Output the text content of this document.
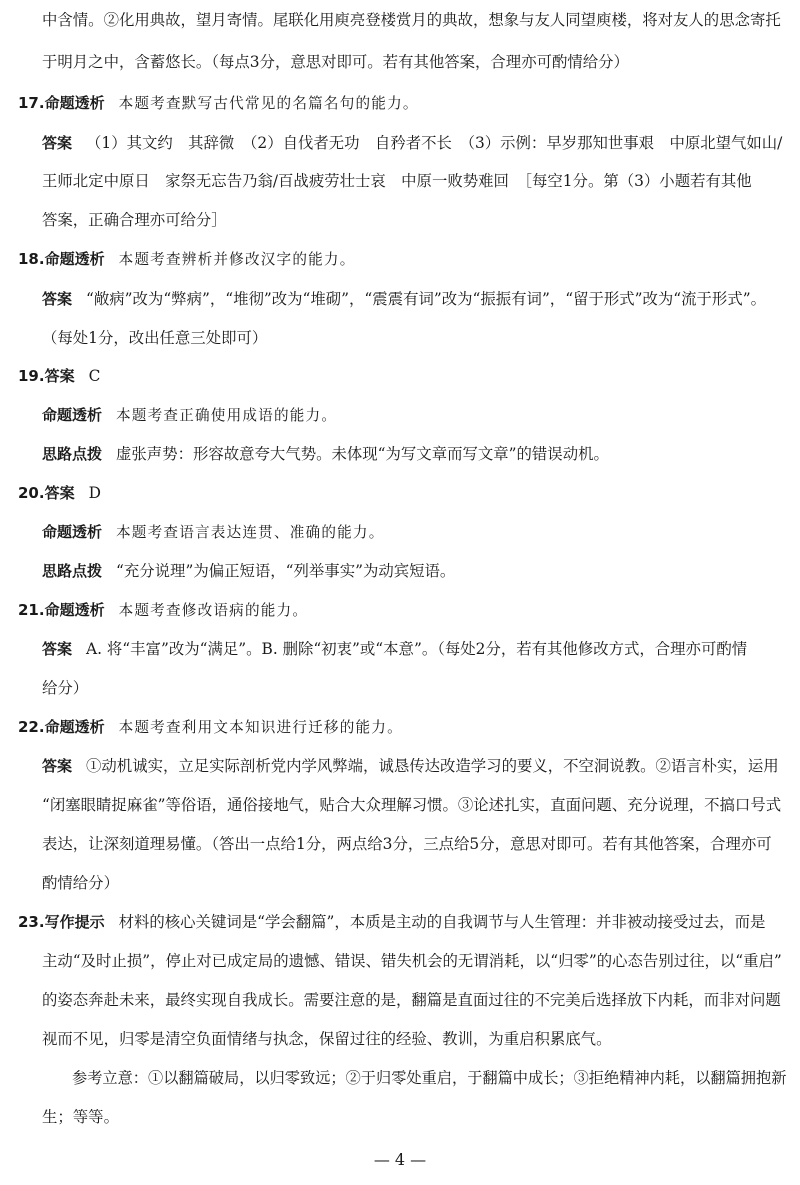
中含情。②化用典故，望月寄情。尾联化用庾亮登楼赏月的典故，想象与友人同望庾楼，将对友人的思念寄托
于明月之中，含蓄悠长。（每点3分，意思对即可。若有其他答案，合理亦可酌情给分）
17.命题透析 本题考查默写古代常见的名篇名句的能力。
答案 （1）其文约　其辞微　（2）自伐者无功　自矜者不长　（3）示例：早岁那知世事艰　中原北望气如山/
王师北定中原日　家祭无忘告乃翁/百战疲劳壮士哀　中原一败势难回　［每空1分。第（3）小题若有其他
答案，正确合理亦可给分］
18.命题透析 本题考查辨析并修改汉字的能力。
答案 “敞病”改为“弊病”，“堆彻”改为“堆砌”，“震震有词”改为“振振有词”，“留于形式”改为“流于形式”。
（每处1分，改出任意三处即可）
19.答案 C
命题透析 本题考查正确使用成语的能力。
思路点拨 虚张声势：形容故意夸大气势。未体现“为写文章而写文章”的错误动机。
20.答案 D
命题透析 本题考查语言表达连贯、准确的能力。
思路点拨 “充分说理”为偏正短语，“列举事实”为动宾短语。
21.命题透析 本题考查修改语病的能力。
答案 A. 将“丰富”改为“满足”。B. 删除“初衷”或“本意”。（每处2分，若有其他修改方式，合理亦可酌情
给分）
22.命题透析 本题考查利用文本知识进行迁移的能力。
答案 ①动机诚实，立足实际剖析党内学风弊端，诚恳传达改造学习的要义，不空洞说教。②语言朴实，运用
“闭塞眼睛捉麻雀”等俗语，通俗接地气，贴合大众理解习惯。③论述扎实，直面问题、充分说理，不搞口号式
表达，让深刻道理易懂。（答出一点给1分，两点给3分，三点给5分，意思对即可。若有其他答案，合理亦可
酌情给分）
23.写作提示 材料的核心关键词是“学会翻篇”，本质是主动的自我调节与人生管理：并非被动接受过去，而是
主动“及时止损”，停止对已成定局的遗憾、错误、错失机会的无谓消耗，以“归零”的心态告别过往，以“重启”
的姿态奔赴未来，最终实现自我成长。需要注意的是，翻篇是直面过往的不完美后选择放下内耗，而非对问题
视而不见，归零是清空负面情绪与执念，保留过往的经验、教训，为重启积累底气。
参考立意：①以翻篇破局，以归零致远；②于归零处重启，于翻篇中成长；③拒绝精神内耗，以翻篇拥抱新
生；等等。
— 4 —
